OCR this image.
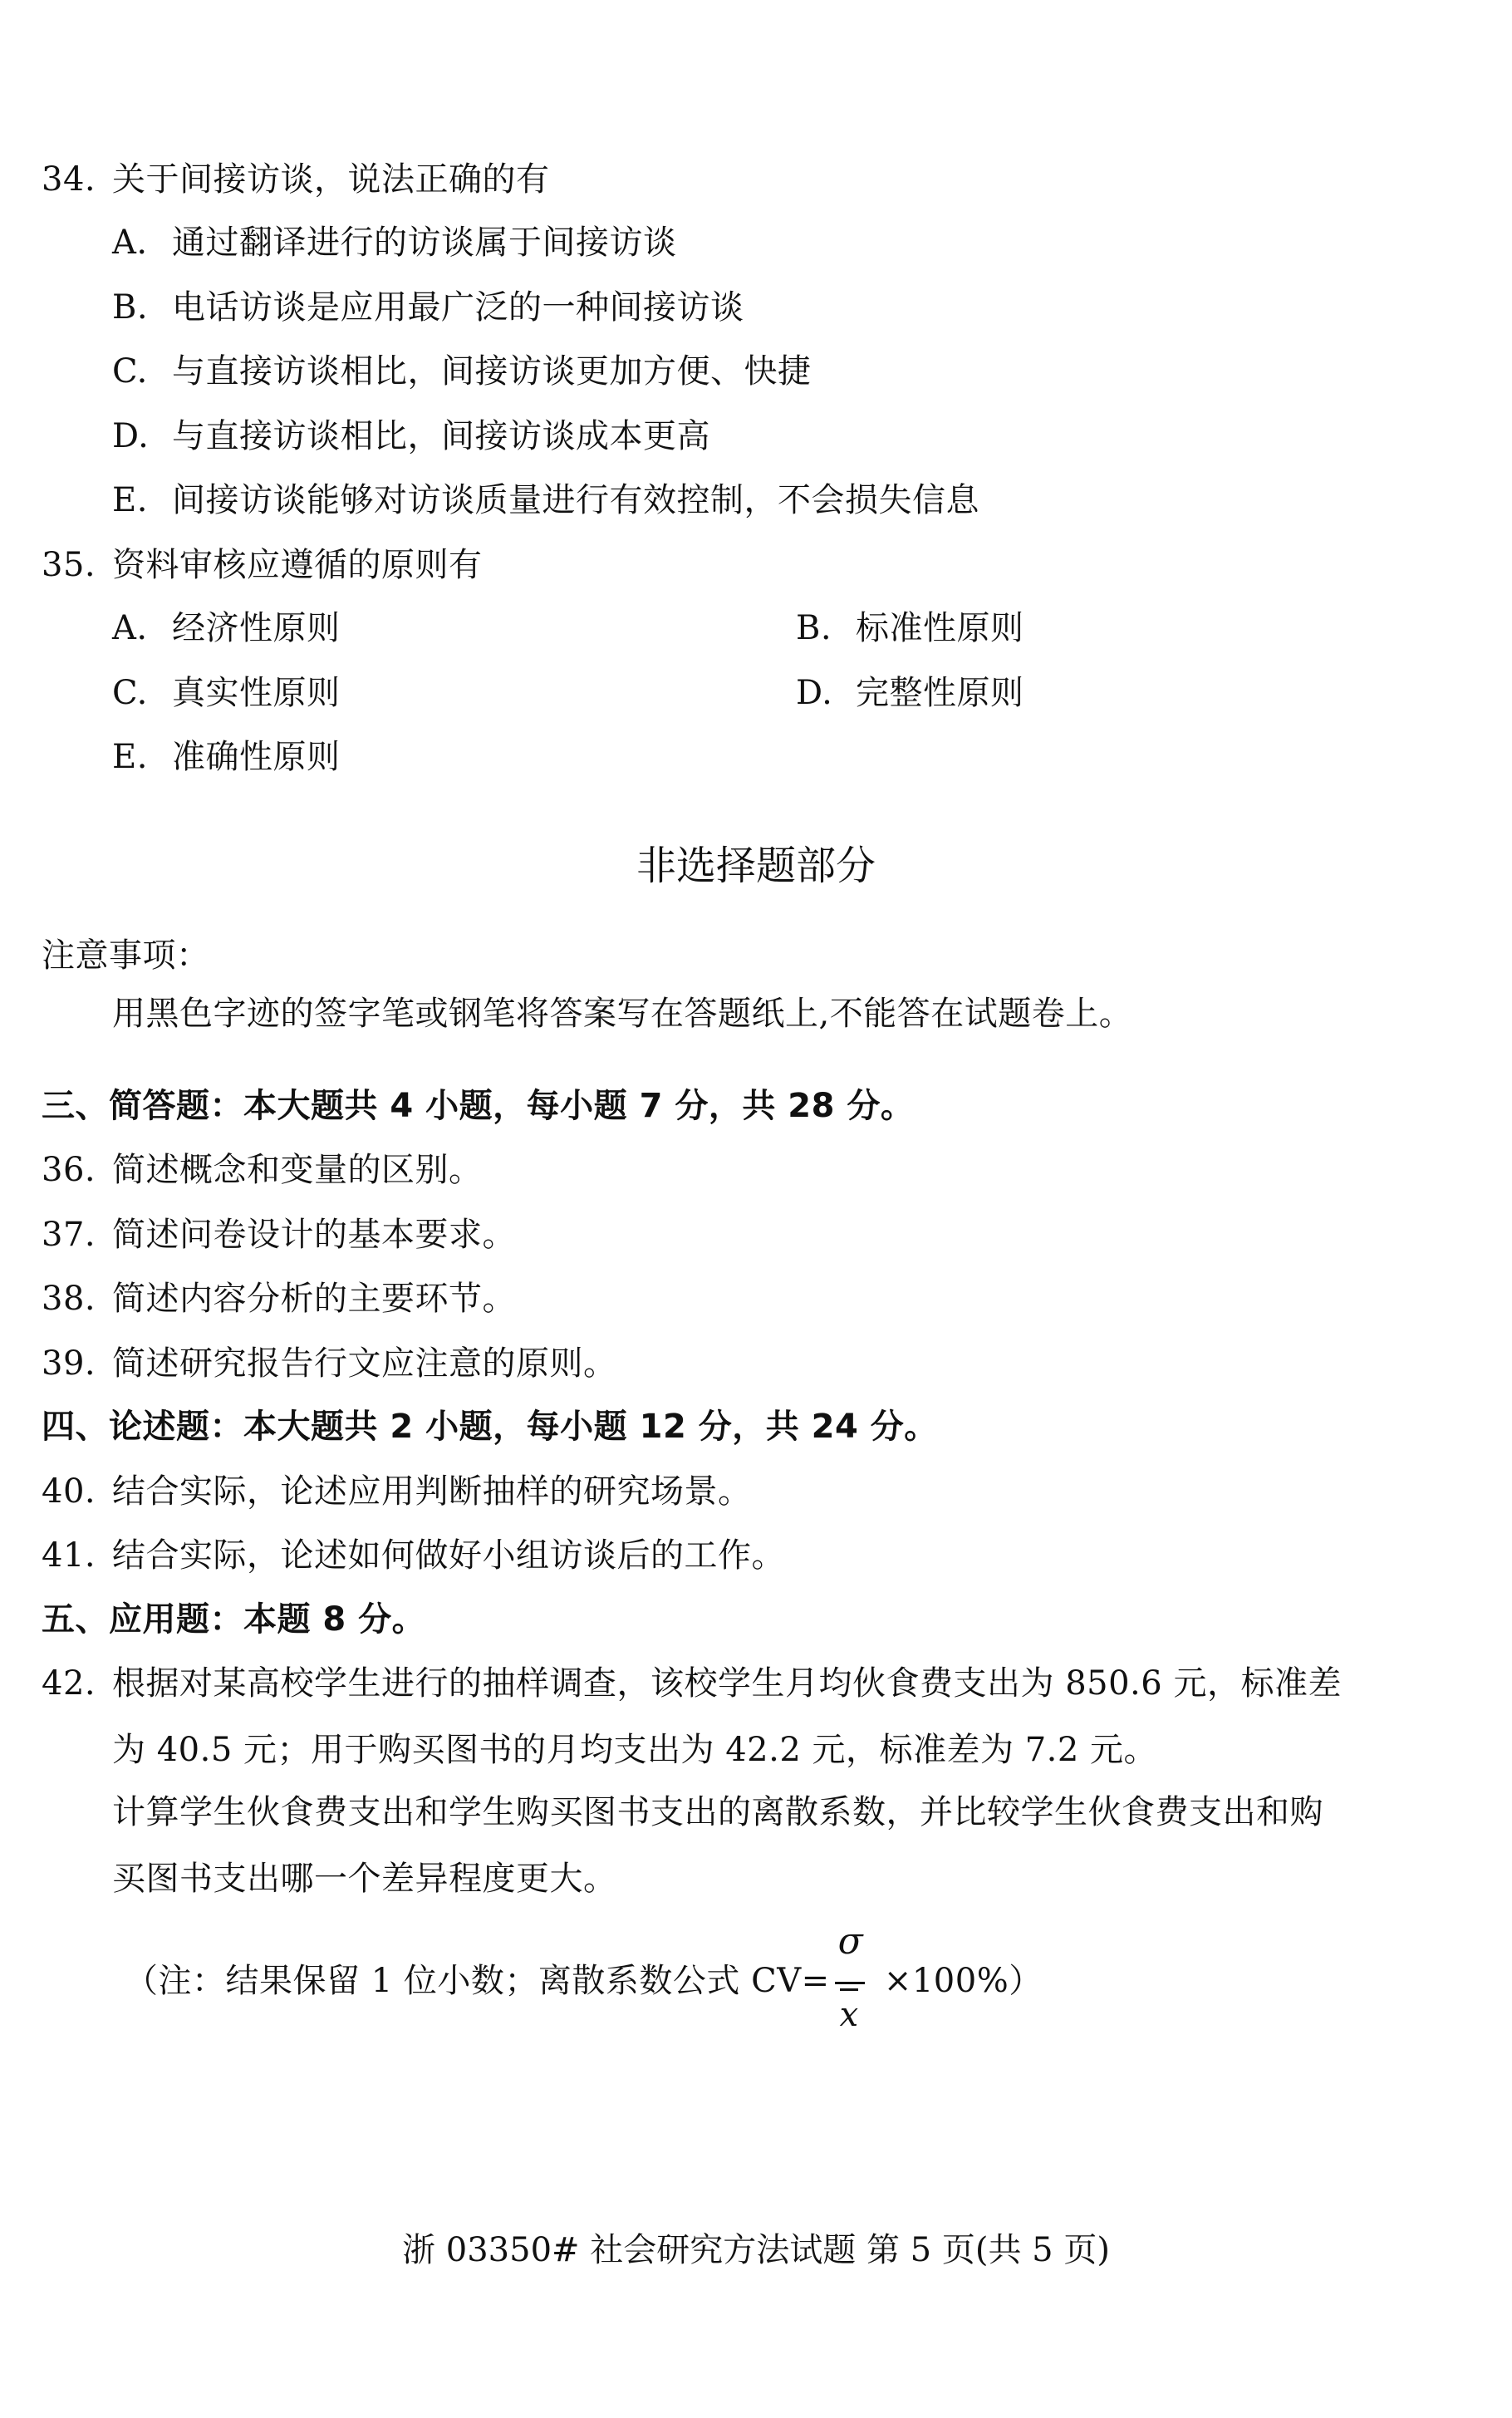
34. 关于间接访谈，说法正确的有
A. 通过翻译进行的访谈属于间接访谈
B. 电话访谈是应用最广泛的一种间接访谈
C. 与直接访谈相比，间接访谈更加方便、快捷
D. 与直接访谈相比，间接访谈成本更高
E. 间接访谈能够对访谈质量进行有效控制，不会损失信息
35. 资料审核应遵循的原则有
A. 经济性原则	B. 标准性原则
C. 真实性原则	D. 完整性原则
E. 准确性原则
非选择题部分
注意事项：
用黑色字迹的签字笔或钢笔将答案写在答题纸上,不能答在试题卷上。
三、简答题：本大题共 4 小题，每小题 7 分，共 28 分。
36. 简述概念和变量的区别。
37. 简述问卷设计的基本要求。
38. 简述内容分析的主要环节。
39. 简述研究报告行文应注意的原则。
四、论述题：本大题共 2 小题，每小题 12 分，共 24 分。
40. 结合实际，论述应用判断抽样的研究场景。
41. 结合实际，论述如何做好小组访谈后的工作。
五、应用题：本题 8 分。
42. 根据对某高校学生进行的抽样调查，该校学生月均伙食费支出为 850.6 元，标准差
为 40.5 元；用于购买图书的月均支出为 42.2 元，标准差为 7.2 元。
计算学生伙食费支出和学生购买图书支出的离散系数，并比较学生伙食费支出和购
买图书支出哪一个差异程度更大。
（注：结果保留 1 位小数；离散系数公式 $CV= \frac{\sigma}{x} \times 100\%$）
浙 03350# 社会研究方法试题 第 5 页(共 5 页)
